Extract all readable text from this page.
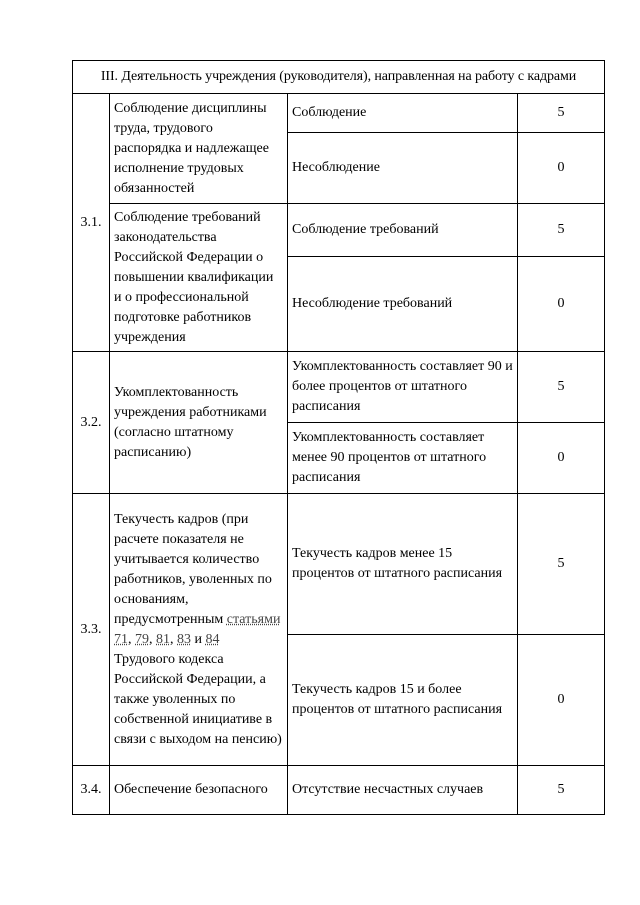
III. Деятельность учреждения (руководителя), направленная на работу с кадрами			
3.1.	Соблюдение дисциплины труда, трудового распорядка и надлежащее исполнение трудовых обязанностей	Соблюдение	5
		Несоблюдение	0
	Соблюдение требований законодательства Российской Федерации о повышении квалификации и о профессиональной подготовке работников учреждения	Соблюдение требований	5
		Несоблюдение требований	0
3.2.	Укомплектованность учреждения работниками (согласно штатному расписанию)	Укомплектованность составляет 90 и более процентов от штатного расписания	5
		Укомплектованность составляет менее 90 процентов от штатного расписания	0
3.3.	Текучесть кадров (при расчете показателя не учитывается количество работников, уволенных по основаниям, предусмотренным статьями 71, 79, 81, 83 и 84 Трудового кодекса Российской Федерации, а также уволенных по собственной инициативе в связи с выходом на пенсию)	Текучесть кадров менее 15 процентов от штатного расписания	5
		Текучесть кадров 15 и более процентов от штатного расписания	0
3.4.	Обеспечение безопасного	Отсутствие несчастных случаев	5
